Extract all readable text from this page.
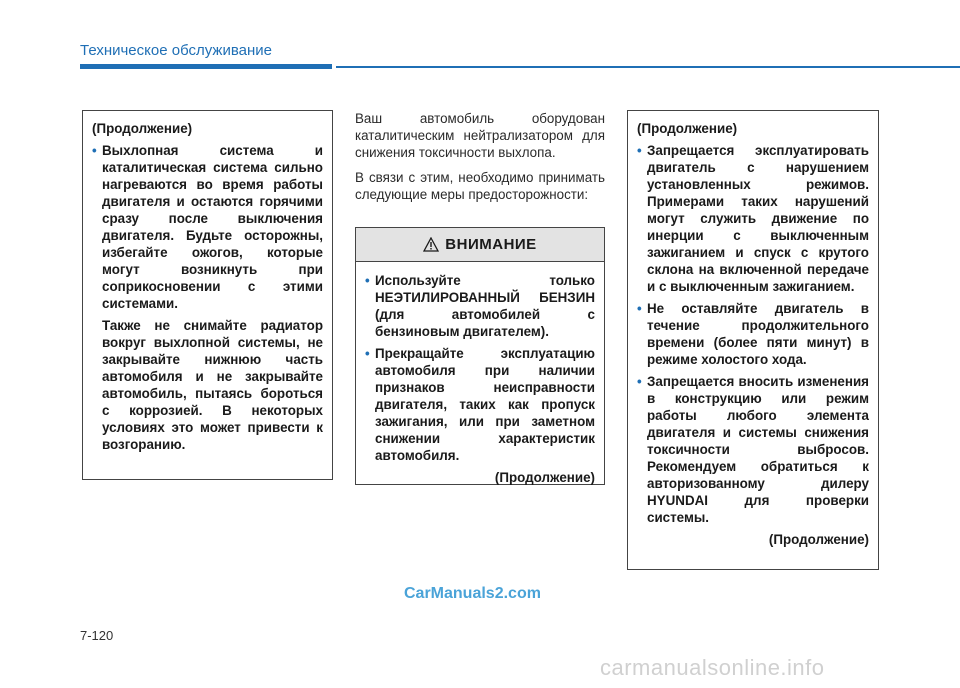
Техническое обслуживание

(Продолжение)

• Выхлопная система и каталитическая система сильно нагреваются во время работы двигателя и остаются горячими сразу после выключения двигателя. Будьте осторожны, избегайте ожогов, которые могут возникнуть при соприкосновении с этими системами.

Также не снимайте радиатор вокруг выхлопной системы, не закрывайте нижнюю часть автомобиля и не закрывайте автомобиль, пытаясь бороться с коррозией. В некоторых условиях это может привести к возгоранию.

Ваш автомобиль оборудован каталитическим нейтрализатором для снижения токсичности выхлопа.

В связи с этим, необходимо принимать следующие меры предосторожности:

ВНИМАНИЕ

• Используйте только НЕЭТИЛИРОВАННЫЙ БЕНЗИН (для автомобилей с бензиновым двигателем).

• Прекращайте эксплуатацию автомобиля при наличии признаков неисправности двигателя, таких как пропуск зажигания, или при заметном снижении характеристик автомобиля.

(Продолжение)

(Продолжение)

• Запрещается эксплуатировать двигатель с нарушением установленных режимов. Примерами таких нарушений могут служить движение по инерции с выключенным зажиганием и спуск с крутого склона на включенной передаче и с выключенным зажиганием.

• Не оставляйте двигатель в течение продолжительного времени (более пяти минут) в режиме холостого хода.

• Запрещается вносить изменения в конструкцию или режим работы любого элемента двигателя и системы снижения токсичности выбросов. Рекомендуем обратиться к авторизованному дилеру HYUNDAI для проверки системы.

(Продолжение)

CarManuals2.com
7-120
carmanualsonline.info
